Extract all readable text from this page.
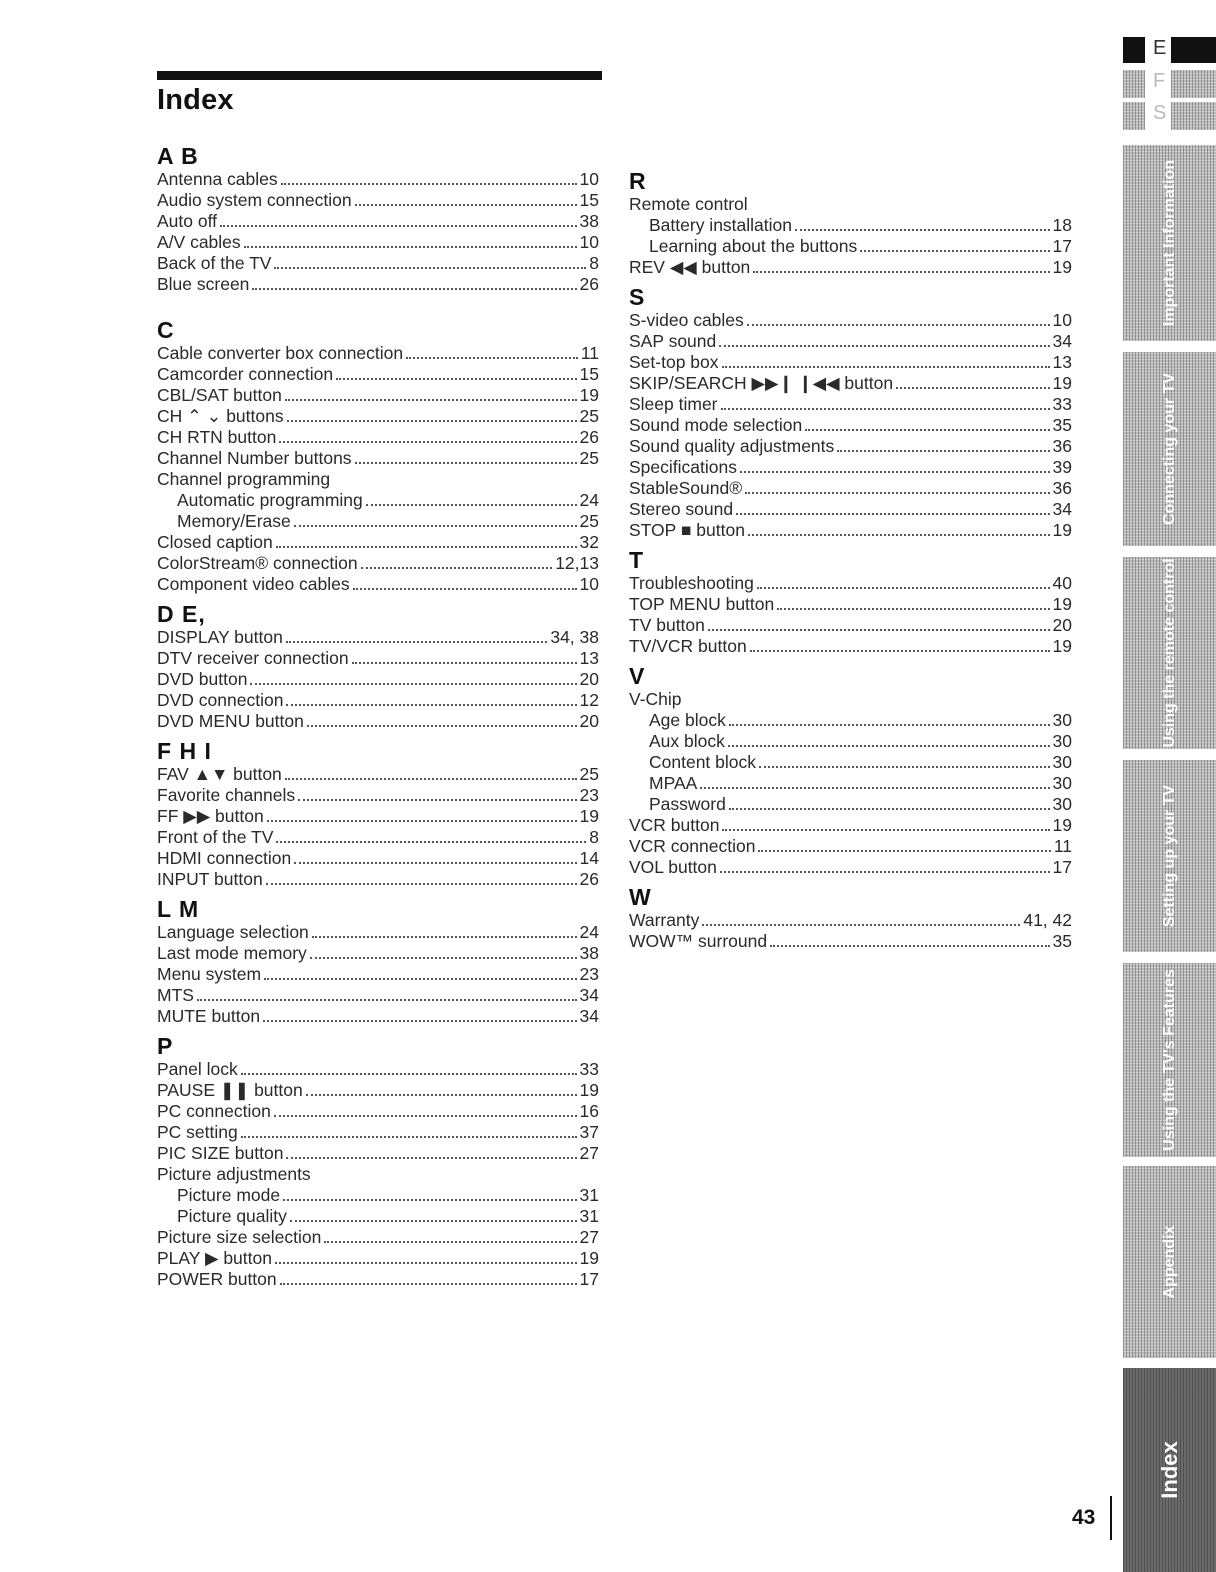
Index
A B
Antenna cables	10
Audio system connection	15
Auto off	38
A/V cables	10
Back of the TV	8
Blue screen	26
C
Cable converter box connection	11
Camcorder connection	15
CBL/SAT button	19
CH ⌃ ⌄ buttons	25
CH RTN button	26
Channel Number buttons	25
Channel programming
Automatic programming	24
Memory/Erase	25
Closed caption	32
ColorStream® connection	12,13
Component video cables	10
D E,
DISPLAY button	34, 38
DTV receiver connection	13
DVD button	20
DVD connection	12
DVD MENU button	20
F H I
FAV ▲▼ button	25
Favorite channels	23
FF ▶▶ button	19
Front of the TV	8
HDMI connection	14
INPUT button	26
L M
Language selection	24
Last mode memory	38
Menu system	23
MTS	34
MUTE button	34
P
Panel lock	33
PAUSE ❚❚ button	19
PC connection	16
PC setting	37
PIC SIZE button	27
Picture adjustments
Picture mode	31
Picture quality	31
Picture size selection	27
PLAY ▶ button	19
POWER button	17
R
Remote control
Battery installation	18
Learning about the buttons	17
REV ◀◀ button	19
S
S-video cables	10
SAP sound	34
Set-top box	13
SKIP/SEARCH ▶▶❙ ❙◀◀ button	19
Sleep timer	33
Sound mode selection	35
Sound quality adjustments	36
Specifications	39
StableSound®	36
Stereo sound	34
STOP ■ button	19
T
Troubleshooting	40
TOP MENU button	19
TV button	20
TV/VCR button	19
V
V-Chip
Age block	30
Aux block	30
Content block	30
MPAA	30
Password	30
VCR button	19
VCR connection	11
VOL button	17
W
Warranty	41, 42
WOW™ surround	35
E
F
S
Important Information
Connecting your TV
Using the remote control
Setting up your TV
Using the TV's Features
Appendix
Index
43
